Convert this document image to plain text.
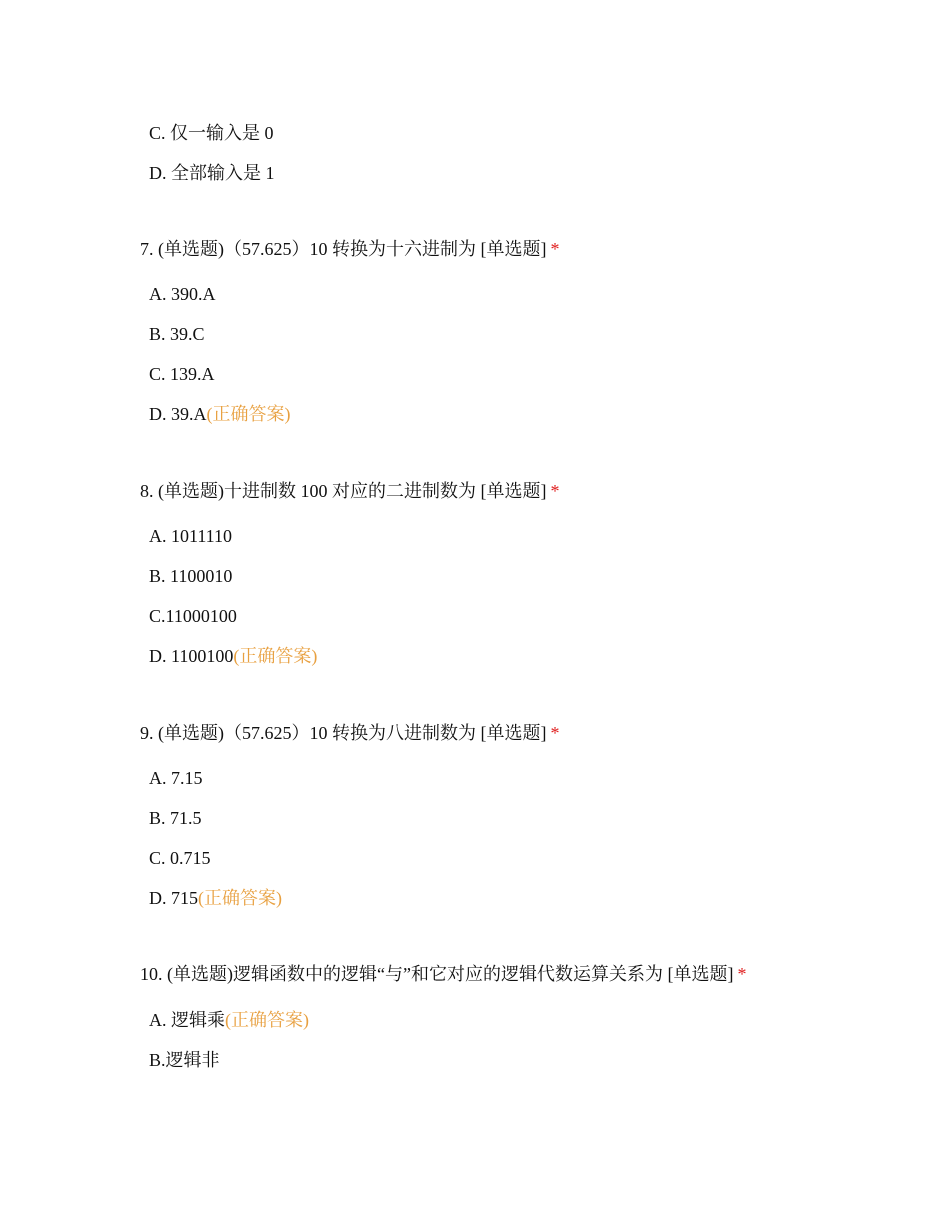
C. 仅一输入是 0
D. 全部输入是 1
7. (单选题)（57.625）10 转换为十六进制为 [单选题] *
A. 390.A
B. 39.C
C. 139.A
D. 39.A(正确答案)
8. (单选题)十进制数 100 对应的二进制数为 [单选题] *
A. 1011110
B. 1100010
C.11000100
D. 1100100(正确答案)
9. (单选题)（57.625）10 转换为八进制数为 [单选题] *
A. 7.15
B. 71.5
C. 0.715
D. 715(正确答案)
10. (单选题)逻辑函数中的逻辑“与”和它对应的逻辑代数运算关系为 [单选题] *
A. 逻辑乘(正确答案)
B.逻辑非
